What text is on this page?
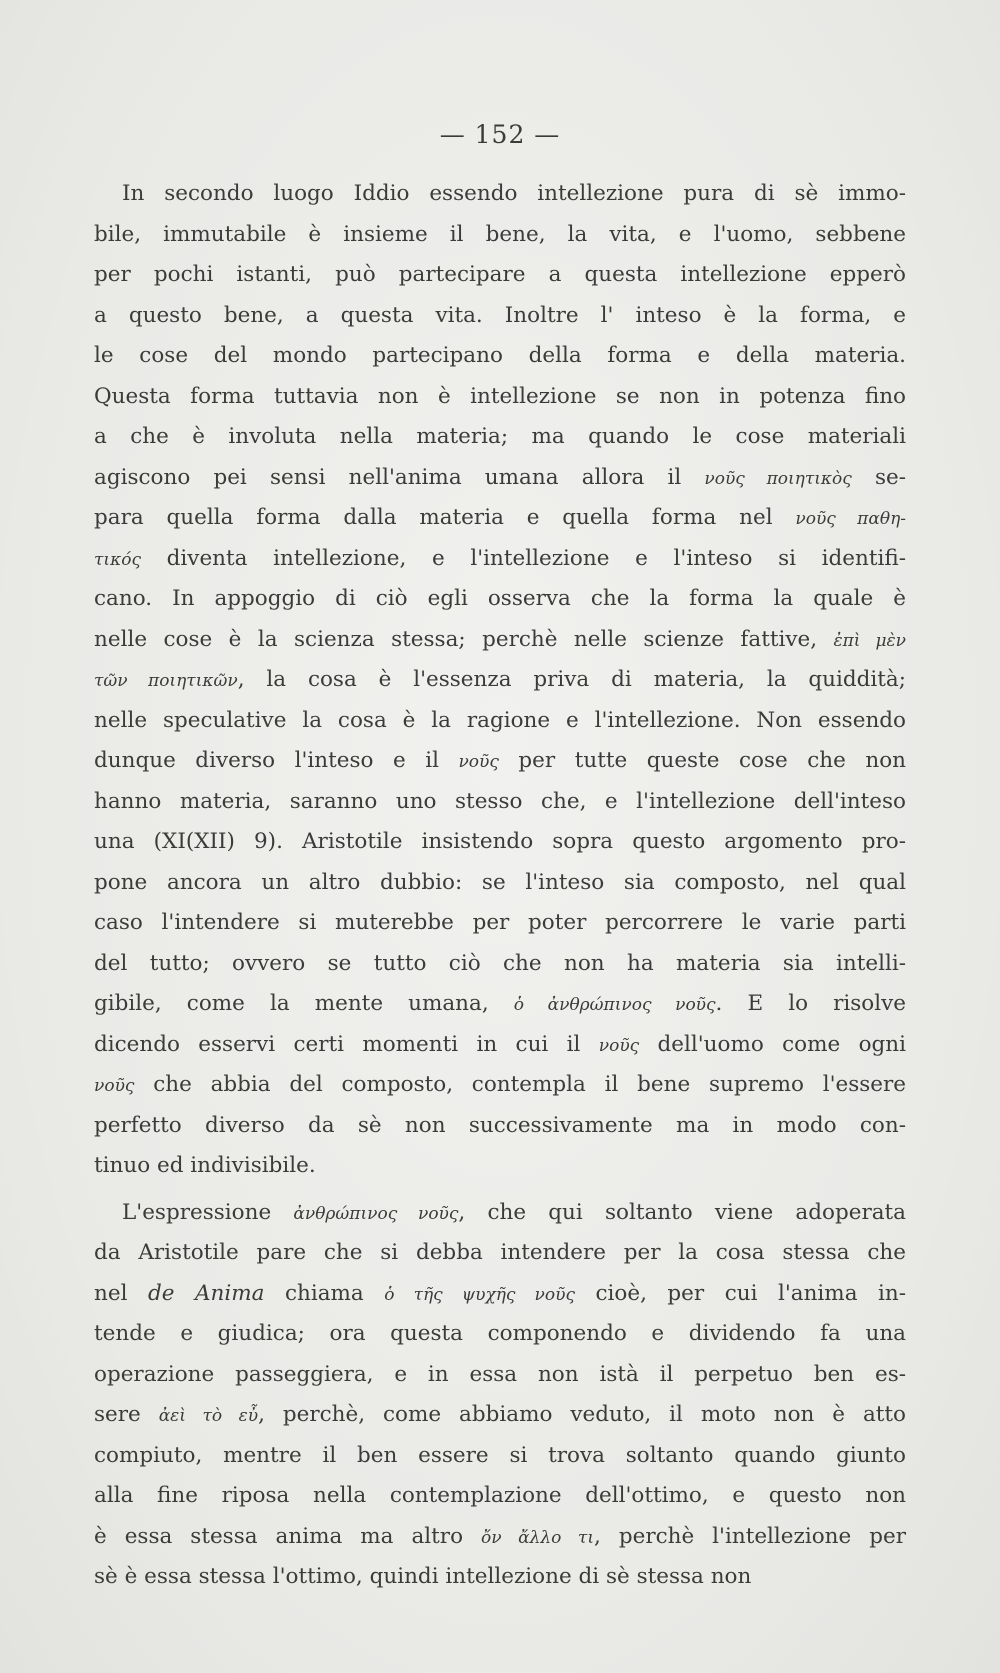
— 152 —
In secondo luogo Iddio essendo intellezione pura di sè immo-
bile, immutabile è insieme il bene, la vita, e l'uomo, sebbene
per pochi istanti, può partecipare a questa intellezione epperò
a questo bene, a questa vita. Inoltre l' inteso è la forma, e
le cose del mondo partecipano della forma e della materia.
Questa forma tuttavia non è intellezione se non in potenza fino
a che è involuta nella materia; ma quando le cose materiali
agiscono pei sensi nell'anima umana allora il νοῦς ποιητικὸς se-
para quella forma dalla materia e quella forma nel νοῦς παθη-
τικός diventa intellezione, e l'intellezione e l'inteso si identifi-
cano. In appoggio di ciò egli osserva che la forma la quale è
nelle cose è la scienza stessa; perchè nelle scienze fattive, ἐπὶ μὲν
τῶν ποιητικῶν, la cosa è l'essenza priva di materia, la quiddità;
nelle speculative la cosa è la ragione e l'intellezione. Non essendo
dunque diverso l'inteso e il νοῦς per tutte queste cose che non
hanno materia, saranno uno stesso che, e l'intellezione dell'inteso
una (XI(XII) 9). Aristotile insistendo sopra questo argomento pro-
pone ancora un altro dubbio: se l'inteso sia composto, nel qual
caso l'intendere si muterebbe per poter percorrere le varie parti
del tutto; ovvero se tutto ciò che non ha materia sia intelli-
gibile, come la mente umana, ὁ ἀνθρώπινος νοῦς. E lo risolve
dicendo esservi certi momenti in cui il νοῦς dell'uomo come ogni
νοῦς che abbia del composto, contempla il bene supremo l'essere
perfetto diverso da sè non successivamente ma in modo con-
tinuo ed indivisibile.
L'espressione ἀνθρώπινος νοῦς, che qui soltanto viene adoperata
da Aristotile pare che si debba intendere per la cosa stessa che
nel de Anima chiama ὁ τῆς ψυχῆς νοῦς cioè, per cui l'anima in-
tende e giudica; ora questa componendo e dividendo fa una
operazione passeggiera, e in essa non istà il perpetuo ben es-
sere ἀεὶ τὸ εὖ, perchè, come abbiamo veduto, il moto non è atto
compiuto, mentre il ben essere si trova soltanto quando giunto
alla fine riposa nella contemplazione dell'ottimo, e questo non
è essa stessa anima ma altro ὄν ἄλλο τι, perchè l'intellezione per
sè è essa stessa l'ottimo, quindi intellezione di sè stessa non
